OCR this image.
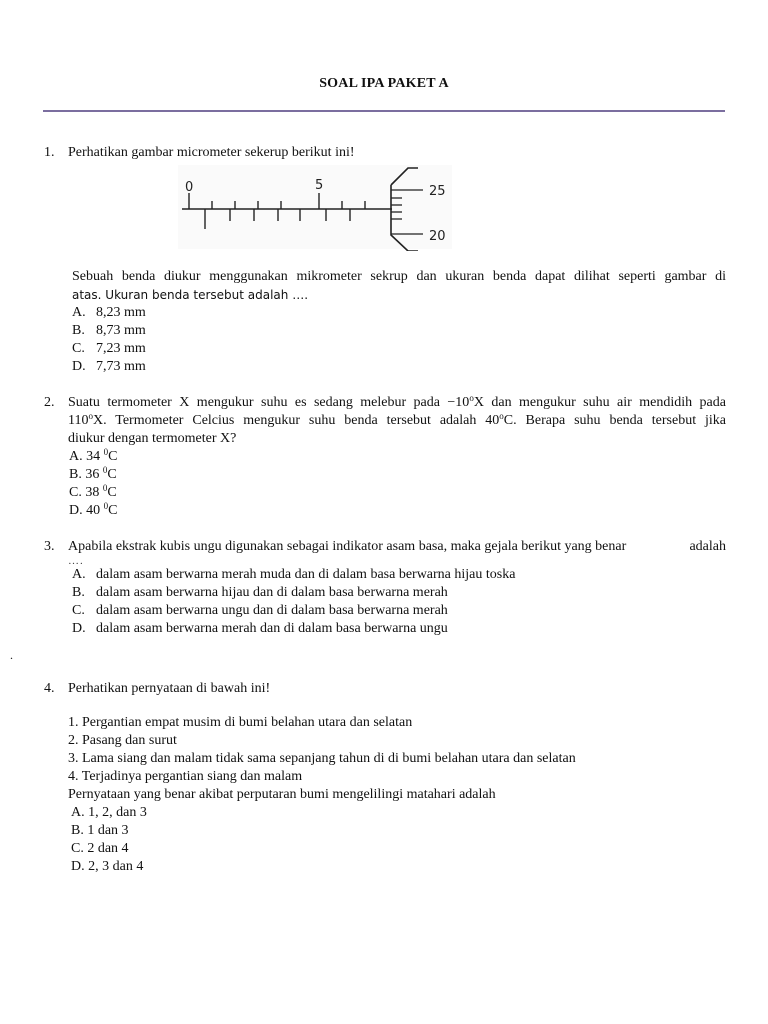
SOAL IPA PAKET A
1. Perhatikan gambar micrometer sekerup berikut ini!
0	5	25
20
Sebuah benda diukur menggunakan mikrometer sekrup dan ukuran benda dapat dilihat seperti gambar di
atas. Ukuran benda tersebut adalah ….
A. 8,23 mm
B. 8,73 mm
C. 7,23 mm
D. 7,73 mm
2. Suatu termometer X mengukur suhu es sedang melebur pada $-10^oX$ dan mengukur suhu air mendidih pada
110$^o$X. Termometer Celcius mengukur suhu benda tersebut adalah 40$^o$C. Berapa suhu benda tersebut jika
diukur dengan termometer X?
A. 34 $^0$C
B. 36 $^0$C
C. 38 $^0$C
D. 40 $^0$C
3. Apabila ekstrak kubis ungu digunakan sebagai indikator asam basa, maka gejala berikut yang benar	adalah
….
A. dalam asam berwarna merah muda dan di dalam basa berwarna hijau toska
B. dalam asam berwarna hijau dan di dalam basa berwarna merah
C. dalam asam berwarna ungu dan di dalam basa berwarna merah
D. dalam asam berwarna merah dan di dalam basa berwarna ungu
.
4. Perhatikan pernyataan di bawah ini!
1. Pergantian empat musim di bumi belahan utara dan selatan
2. Pasang dan surut
3. Lama siang dan malam tidak sama sepanjang tahun di di bumi belahan utara dan selatan
4. Terjadinya pergantian siang dan malam
Pernyataan yang benar akibat perputaran bumi mengelilingi matahari adalah
A. 1, 2, dan 3
B. 1 dan 3
C. 2 dan 4
D. 2, 3 dan 4
